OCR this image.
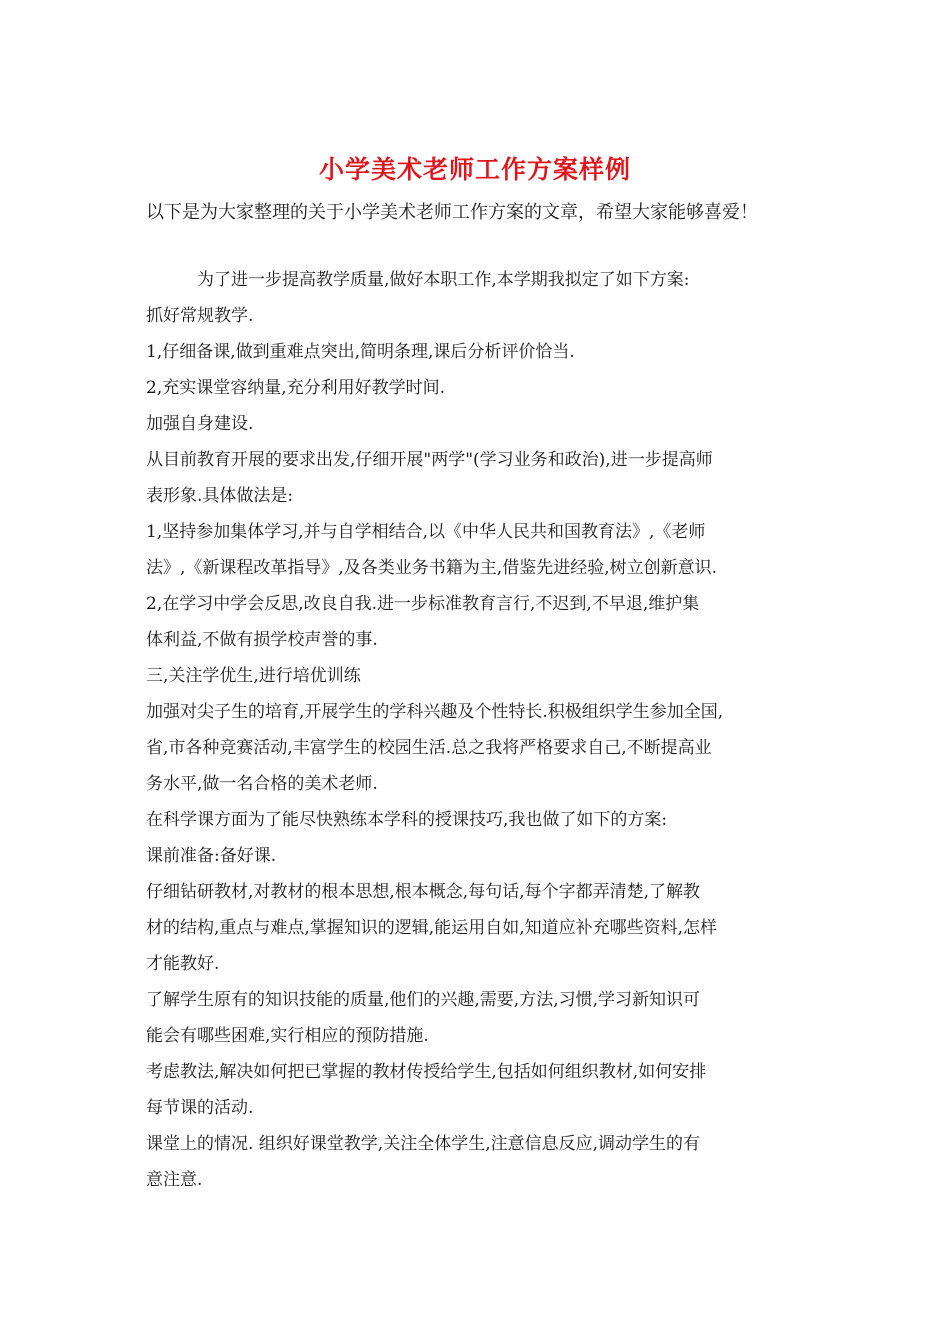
小学美术老师工作方案样例
以下是为大家整理的关于小学美术老师工作方案的文章，希望大家能够喜爱！
　　　为了进一步提高教学质量,做好本职工作,本学期我拟定了如下方案:
抓好常规教学.
1,仔细备课,做到重难点突出,简明条理,课后分析评价恰当.
2,充实课堂容纳量,充分利用好教学时间.
加强自身建设.
从目前教育开展的要求出发,仔细开展"两学"(学习业务和政治),进一步提高师
表形象.具体做法是:
1,坚持参加集体学习,并与自学相结合,以《中华人民共和国教育法》,《老师
法》,《新课程改革指导》,及各类业务书籍为主,借鉴先进经验,树立创新意识.
2,在学习中学会反思,改良自我.进一步标准教育言行,不迟到,不早退,维护集
体利益,不做有损学校声誉的事.
三,关注学优生,进行培优训练
加强对尖子生的培育,开展学生的学科兴趣及个性特长.积极组织学生参加全国,
省,市各种竞赛活动,丰富学生的校园生活.总之我将严格要求自己,不断提高业
务水平,做一名合格的美术老师.
在科学课方面为了能尽快熟练本学科的授课技巧,我也做了如下的方案:
课前准备:备好课.
仔细钻研教材,对教材的根本思想,根本概念,每句话,每个字都弄清楚,了解教
材的结构,重点与难点,掌握知识的逻辑,能运用自如,知道应补充哪些资料,怎样
才能教好.
了解学生原有的知识技能的质量,他们的兴趣,需要,方法,习惯,学习新知识可
能会有哪些困难,实行相应的预防措施.
考虑教法,解决如何把已掌握的教材传授给学生,包括如何组织教材,如何安排
每节课的活动.
课堂上的情况. 组织好课堂教学,关注全体学生,注意信息反应,调动学生的有
意注意.
